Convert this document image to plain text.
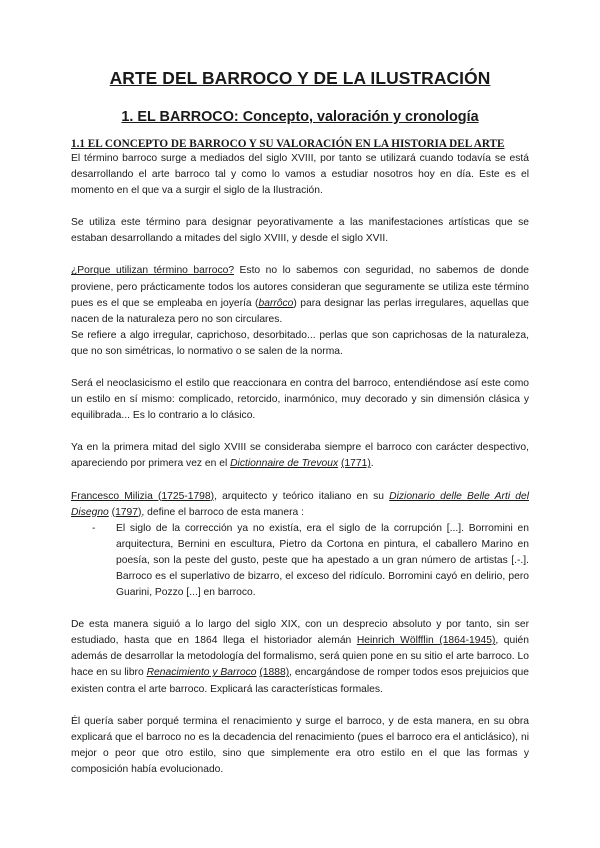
ARTE DEL BARROCO Y DE LA ILUSTRACIÓN
1. EL BARROCO: Concepto, valoración y cronología
1.1 EL CONCEPTO DE BARROCO Y SU VALORACIÓN EN LA HISTORIA DEL ARTE

El término barroco surge a mediados del siglo XVIII, por tanto se utilizará cuando todavía se está desarrollando el arte barroco tal y como lo vamos a estudiar nosotros hoy en día. Este es el momento en el que va a surgir el siglo de la Ilustración.

Se utiliza este término para designar peyorativamente a las manifestaciones artísticas que se estaban desarrollando a mitades del siglo XVIII, y desde el siglo XVII.

¿Porque utilizan término barroco? Esto no lo sabemos con seguridad, no sabemos de donde proviene, pero prácticamente todos los autores consideran que seguramente se utiliza este término pues es el que se empleaba en joyería (barrôco) para designar las perlas irregulares, aquellas que nacen de la naturaleza pero no son circulares.

Se refiere a algo irregular, caprichoso, desorbitado... perlas que son caprichosas de la naturaleza, que no son simétricas, lo normativo o se salen de la norma.

Será el neoclasicismo el estilo que reaccionara en contra del barroco, entendiéndose así este como un estilo en sí mismo: complicado, retorcido, inarmónico, muy decorado y sin dimensión clásica y equilibrada... Es lo contrario a lo clásico.

Ya en la primera mitad del siglo XVIII se consideraba siempre el barroco con carácter despectivo, apareciendo por primera vez en el Dictionnaire de Trevoux (1771).

Francesco Milizia (1725-1798), arquitecto y teórico italiano en su Dizionario delle Belle Arti del Disegno (1797), define el barroco de esta manera :

-	El siglo de la corrección ya no existía, era el siglo de la corrupción [...]. Borromini en arquitectura, Bernini en escultura, Pietro da Cortona en pintura, el caballero Marino en poesía, son la peste del gusto, peste que ha apestado a un gran número de artistas [.-.]. Barroco es el superlativo de bizarro, el exceso del ridículo. Borromini cayó en delirio, pero Guarini, Pozzo [...] en barroco.

De esta manera siguió a lo largo del siglo XIX, con un desprecio absoluto y por tanto, sin ser estudiado, hasta que en 1864 llega el historiador alemán Heinrich Wölfflin (1864-1945), quién además de desarrollar la metodología del formalismo, será quien pone en su sitio el arte barroco. Lo hace en su libro Renacimiento y Barroco (1888), encargándose de romper todos esos prejuicios que existen contra el arte barroco. Explicará las características formales.

Él quería saber porqué termina el renacimiento y surge el barroco, y de esta manera, en su obra explicará que el barroco no es la decadencia del renacimiento (pues el barroco era el anticlásico), ni mejor o peor que otro estilo, sino que simplemente era otro estilo en el que las formas y composición había evolucionado.
